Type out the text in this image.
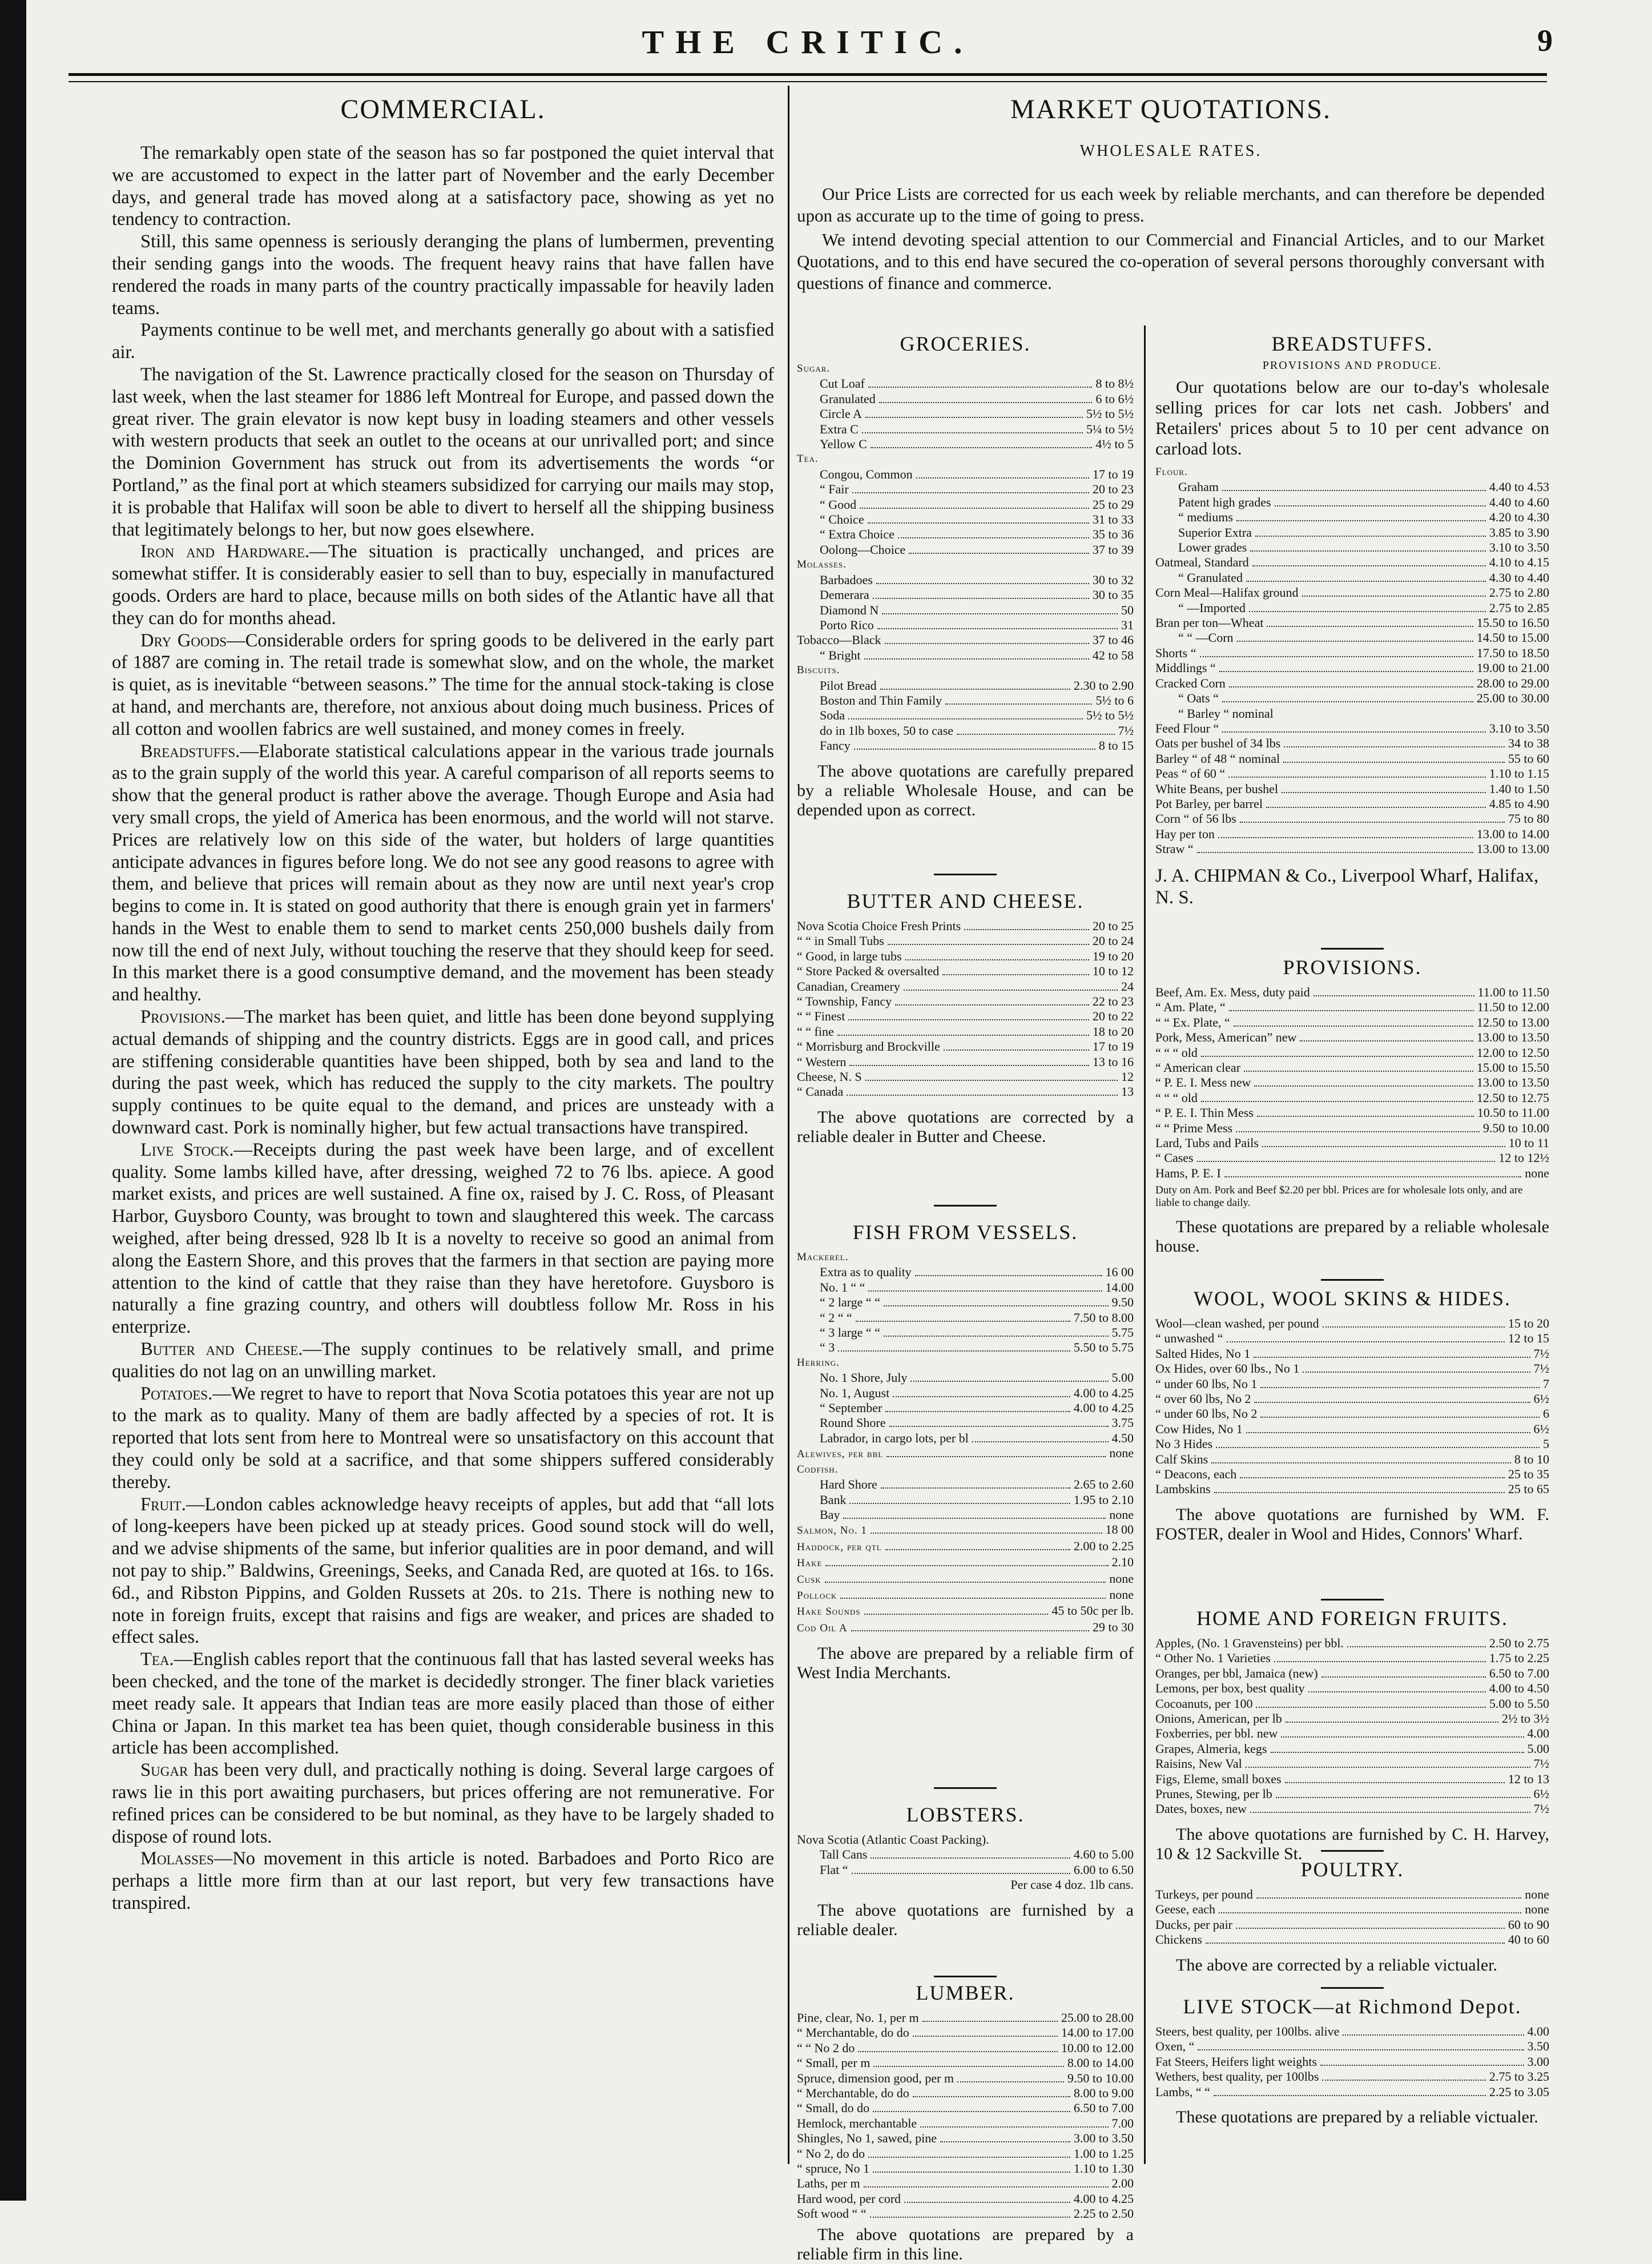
THE CRITIC.	9
COMMERCIAL.

The remarkably open state of the season has so far postponed the quiet interval that we are accustomed to expect in the latter part of November and the early December days, and general trade has moved along at a satisfactory pace, showing as yet no tendency to contraction.

Still, this same openness is seriously deranging the plans of lumbermen, preventing their sending gangs into the woods. The frequent heavy rains that have fallen have rendered the roads in many parts of the country practically impassable for heavily laden teams.

Payments continue to be well met, and merchants generally go about with a satisfied air.

The navigation of the St. Lawrence practically closed for the season on Thursday of last week, when the last steamer for 1886 left Montreal for Europe, and passed down the great river. The grain elevator is now kept busy in loading steamers and other vessels with western products that seek an outlet to the oceans at our unrivalled port; and since the Dominion Government has struck out from its advertisements the words “or Portland,” as the final port at which steamers subsidized for carrying our mails may stop, it is probable that Halifax will soon be able to divert to herself all the shipping business that legitimately belongs to her, but now goes elsewhere.

Iron and Hardware.—The situation is practically unchanged, and prices are somewhat stiffer. It is considerably easier to sell than to buy, especially in manufactured goods. Orders are hard to place, because mills on both sides of the Atlantic have all that they can do for months ahead.

Dry Goods—Considerable orders for spring goods to be delivered in the early part of 1887 are coming in. The retail trade is somewhat slow, and on the whole, the market is quiet, as is inevitable “between seasons.” The time for the annual stock-taking is close at hand, and merchants are, therefore, not anxious about doing much business. Prices of all cotton and woollen fabrics are well sustained, and money comes in freely.

Breadstuffs.—Elaborate statistical calculations appear in the various trade journals as to the grain supply of the world this year. A careful comparison of all reports seems to show that the general product is rather above the average. Though Europe and Asia had very small crops, the yield of America has been enormous, and the world will not starve. Prices are relatively low on this side of the water, but holders of large quantities anticipate advances in figures before long. We do not see any good reasons to agree with them, and believe that prices will remain about as they now are until next year's crop begins to come in. It is stated on good authority that there is enough grain yet in farmers' hands in the West to enable them to send to market cents 250,000 bushels daily from now till the end of next July, without touching the reserve that they should keep for seed. In this market there is a good consumptive demand, and the movement has been steady and healthy.

Provisions.—The market has been quiet, and little has been done beyond supplying actual demands of shipping and the country districts. Eggs are in good call, and prices are stiffening considerable quantities have been shipped, both by sea and land to the during the past week, which has reduced the supply to the city markets. The poultry supply continues to be quite equal to the demand, and prices are unsteady with a downward cast. Pork is nominally higher, but few actual transactions have transpired.

Live Stock.—Receipts during the past week have been large, and of excellent quality. Some lambs killed have, after dressing, weighed 72 to 76 lbs. apiece. A good market exists, and prices are well sustained. A fine ox, raised by J. C. Ross, of Pleasant Harbor, Guysboro County, was brought to town and slaughtered this week. The carcass weighed, after being dressed, 928 lb It is a novelty to receive so good an animal from along the Eastern Shore, and this proves that the farmers in that section are paying more attention to the kind of cattle that they raise than they have heretofore. Guysboro is naturally a fine grazing country, and others will doubtless follow Mr. Ross in his enterprize.

Butter and Cheese.—The supply continues to be relatively small, and prime qualities do not lag on an unwilling market.

Potatoes.—We regret to have to report that Nova Scotia potatoes this year are not up to the mark as to quality. Many of them are badly affected by a species of rot. It is reported that lots sent from here to Montreal were so unsatisfactory on this account that they could only be sold at a sacrifice, and that some shippers suffered considerably thereby.

Fruit.—London cables acknowledge heavy receipts of apples, but add that “all lots of long-keepers have been picked up at steady prices. Good sound stock will do well, and we advise shipments of the same, but inferior qualities are in poor demand, and will not pay to ship.” Baldwins, Greenings, Seeks, and Canada Red, are quoted at 16s. to 16s. 6d., and Ribston Pippins, and Golden Russets at 20s. to 21s. There is nothing new to note in foreign fruits, except that raisins and figs are weaker, and prices are shaded to effect sales.

Tea.—English cables report that the continuous fall that has lasted several weeks has been checked, and the tone of the market is decidedly stronger. The finer black varieties meet ready sale. It appears that Indian teas are more easily placed than those of either China or Japan. In this market tea has been quiet, though considerable business in this article has been accomplished.

Sugar has been very dull, and practically nothing is doing. Several large cargoes of raws lie in this port awaiting purchasers, but prices offering are not remunerative. For refined prices can be considered to be but nominal, as they have to be largely shaded to dispose of round lots.

Molasses—No movement in this article is noted. Barbadoes and Porto Rico are perhaps a little more firm than at our last report, but very few transactions have transpired.

MARKET QUOTATIONS.
WHOLESALE RATES.

Our Price Lists are corrected for us each week by reliable merchants, and can therefore be depended upon as accurate up to the time of going to press.

We intend devoting special attention to our Commercial and Financial Articles, and to our Market Quotations, and to this end have secured the co-operation of several persons thoroughly conversant with questions of finance and commerce.

GROCERIES.
Sugar.
Cut Loaf	8 to 8½
Granulated	6 to 6½
Circle A	5½ to 5½
Extra C	5¼ to 5½
Yellow C	4½ to 5
Tea.
Congou, Common	17 to 19
“ Fair	20 to 23
“ Good	25 to 29
“ Choice	31 to 33
“ Extra Choice	35 to 36
Oolong—Choice	37 to 39
Molasses.
Barbadoes	30 to 32
Demerara	30 to 35
Diamond N	50
Porto Rico	31
Tobacco—Black	37 to 46
“ Bright	42 to 58
Biscuits.
Pilot Bread	2.30 to 2.90
Boston and Thin Family	5½ to 6
Soda	5½ to 5½
do in 1lb boxes, 50 to case	7½
Fancy	8 to 15

The above quotations are carefully prepared by a reliable Wholesale House, and can be depended upon as correct.

BUTTER AND CHEESE.
Nova Scotia Choice Fresh Prints	20 to 25
“ “ in Small Tubs	20 to 24
“ Good, in large tubs	19 to 20
“ Store Packed & oversalted	10 to 12
Canadian, Creamery	24
“ Township, Fancy	22 to 23
“ “ Finest	20 to 22
“ “ fine	18 to 20
“ Morrisburg and Brockville	17 to 19
“ Western	13 to 16
Cheese, N. S	12
“ Canada	13

The above quotations are corrected by a reliable dealer in Butter and Cheese.

FISH FROM VESSELS.
Mackerel.
Extra as to quality	16 00
No. 1 “ “	14.00
“ 2 large “ “	9.50
“ 2 “ “	7.50 to 8.00
“ 3 large “ “	5.75
“ 3	5.50 to 5.75
Herring.
No. 1 Shore, July	5.00
No. 1, August	4.00 to 4.25
“ September	4.00 to 4.25
Round Shore	3.75
Labrador, in cargo lots, per bl	4.50
Alewives, per bbl	none
Codfish.
Hard Shore	2.65 to 2.60
Bank	1.95 to 2.10
Bay	none
Salmon, No. 1	18 00
Haddock, per qtl	2.00 to 2.25
Hake	2.10
Cusk	none
Pollock	none
Hake Sounds	45 to 50c per lb.
Cod Oil A	29 to 30

The above are prepared by a reliable firm of West India Merchants.

LOBSTERS.
Nova Scotia (Atlantic Coast Packing).
Tall Cans	4.60 to 5.00
Flat “	6.00 to 6.50
Per case 4 doz. 1lb cans.

The above quotations are furnished by a reliable dealer.

LUMBER.
Pine, clear, No. 1, per m	25.00 to 28.00
“ Merchantable, do do	14.00 to 17.00
“ “ No 2 do	10.00 to 12.00
“ Small, per m	8.00 to 14.00
Spruce, dimension good, per m	9.50 to 10.00
“ Merchantable, do do	8.00 to 9.00
“ Small, do do	6.50 to 7.00
Hemlock, merchantable	7.00
Shingles, No 1, sawed, pine	3.00 to 3.50
“ No 2, do do	1.00 to 1.25
“ spruce, No 1	1.10 to 1.30
Laths, per m	2.00
Hard wood, per cord	4.00 to 4.25
Soft wood “ “	2.25 to 2.50

The above quotations are prepared by a reliable firm in this line.

BREADSTUFFS.
PROVISIONS AND PRODUCE.

Our quotations below are our to-day's wholesale selling prices for car lots net cash. Jobbers' and Retailers' prices about 5 to 10 per cent advance on carload lots.

Flour.
Graham	4.40 to 4.53
Patent high grades	4.40 to 4.60
“ mediums	4.20 to 4.30
Superior Extra	3.85 to 3.90
Lower grades	3.10 to 3.50
Oatmeal, Standard	4.10 to 4.15
“ Granulated	4.30 to 4.40
Corn Meal—Halifax ground	2.75 to 2.80
“ —Imported	2.75 to 2.85
Bran per ton—Wheat	15.50 to 16.50
“ “ —Corn	14.50 to 15.00
Shorts “	17.50 to 18.50
Middlings “	19.00 to 21.00
Cracked Corn	28.00 to 29.00
“ Oats “	25.00 to 30.00
“ Barley “ nominal
Feed Flour “	3.10 to 3.50
Oats per bushel of 34 lbs	34 to 38
Barley “ of 48 “ nominal	55 to 60
Peas “ of 60 “	1.10 to 1.15
White Beans, per bushel	1.40 to 1.50
Pot Barley, per barrel	4.85 to 4.90
Corn “ of 56 lbs	75 to 80
Hay per ton	13.00 to 14.00
Straw “	13.00 to 13.00

J. A. CHIPMAN & Co., Liverpool Wharf, Halifax, N. S.

PROVISIONS.
Beef, Am. Ex. Mess, duty paid	11.00 to 11.50
“ Am. Plate, “	11.50 to 12.00
“ “ Ex. Plate, “	12.50 to 13.00
Pork, Mess, American” new	13.00 to 13.50
“ “ “ old	12.00 to 12.50
“ American clear	15.00 to 15.50
“ P. E. I. Mess new	13.00 to 13.50
“ “ “ old	12.50 to 12.75
“ P. E. I. Thin Mess	10.50 to 11.00
“ “ Prime Mess	9.50 to 10.00
Lard, Tubs and Pails	10 to 11
“ Cases	12 to 12½
Hams, P. E. I	none

Duty on Am. Pork and Beef $2.20 per bbl. Prices are for wholesale lots only, and are liable to change daily.

These quotations are prepared by a reliable wholesale house.

WOOL, WOOL SKINS & HIDES.
Wool—clean washed, per pound	15 to 20
“ unwashed “	12 to 15
Salted Hides, No 1	7½
Ox Hides, over 60 lbs., No 1	7½
“ under 60 lbs, No 1	7
“ over 60 lbs, No 2	6½
“ under 60 lbs, No 2	6
Cow Hides, No 1	6½
No 3 Hides	5
Calf Skins	8 to 10
“ Deacons, each	25 to 35
Lambskins	25 to 65

The above quotations are furnished by WM. F. FOSTER, dealer in Wool and Hides, Connors' Wharf.

HOME AND FOREIGN FRUITS.
Apples, (No. 1 Gravensteins) per bbl.	2.50 to 2.75
“ Other No. 1 Varieties	1.75 to 2.25
Oranges, per bbl, Jamaica (new)	6.50 to 7.00
Lemons, per box, best quality	4.00 to 4.50
Cocoanuts, per 100	5.00 to 5.50
Onions, American, per lb	2½ to 3½
Foxberries, per bbl. new	4.00
Grapes, Almeria, kegs	5.00
Raisins, New Val	7½
Figs, Eleme, small boxes	12 to 13
Prunes, Stewing, per lb	6½
Dates, boxes, new	7½

The above quotations are furnished by C. H. Harvey, 10 & 12 Sackville St.

POULTRY.
Turkeys, per pound	none
Geese, each	none
Ducks, per pair	60 to 90
Chickens	40 to 60

The above are corrected by a reliable victualer.

LIVE STOCK—at Richmond Depot.
Steers, best quality, per 100lbs. alive	4.00
Oxen, “	3.50
Fat Steers, Heifers light weights	3.00
Wethers, best quality, per 100lbs	2.75 to 3.25
Lambs, “ “	2.25 to 3.05

These quotations are prepared by a reliable victualer.
